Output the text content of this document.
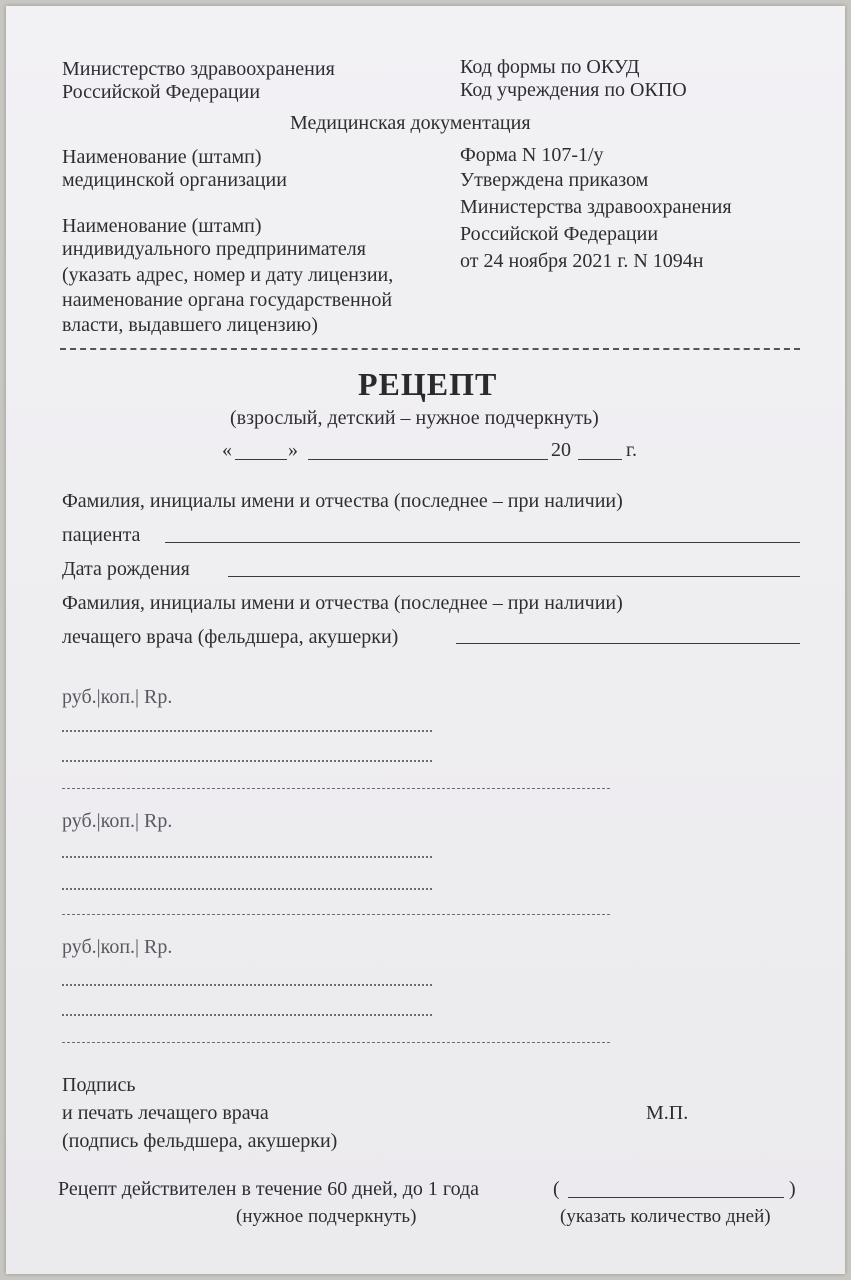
Министерство здравоохранения
Российской Федерации
Код формы по ОКУД
Код учреждения по ОКПО
Медицинская документация
Наименование (штамп)
медицинской организации
Форма N 107-1/у
Утверждена приказом
Министерства здравоохранения
Российской Федерации
от 24 ноября 2021 г. N 1094н
Наименование (штамп)
индивидуального предпринимателя
(указать адрес, номер и дату лицензии,
наименование органа государственной
власти, выдавшего лицензию)
РЕЦЕПТ
(взрослый, детский – нужное подчеркнуть)
«	»	20	г.
Фамилия, инициалы имени и отчества (последнее – при наличии)
пациента
Дата рождения
Фамилия, инициалы имени и отчества (последнее – при наличии)
лечащего врача (фельдшера, акушерки)
руб.|коп.| Rp.
руб.|коп.| Rp.
руб.|коп.| Rp.
Подпись
и печать лечащего врача
(подпись фельдшера, акушерки)
М.П.
Рецепт действителен в течение 60 дней, до 1 года	(	)
(нужное подчеркнуть)	(указать количество дней)
